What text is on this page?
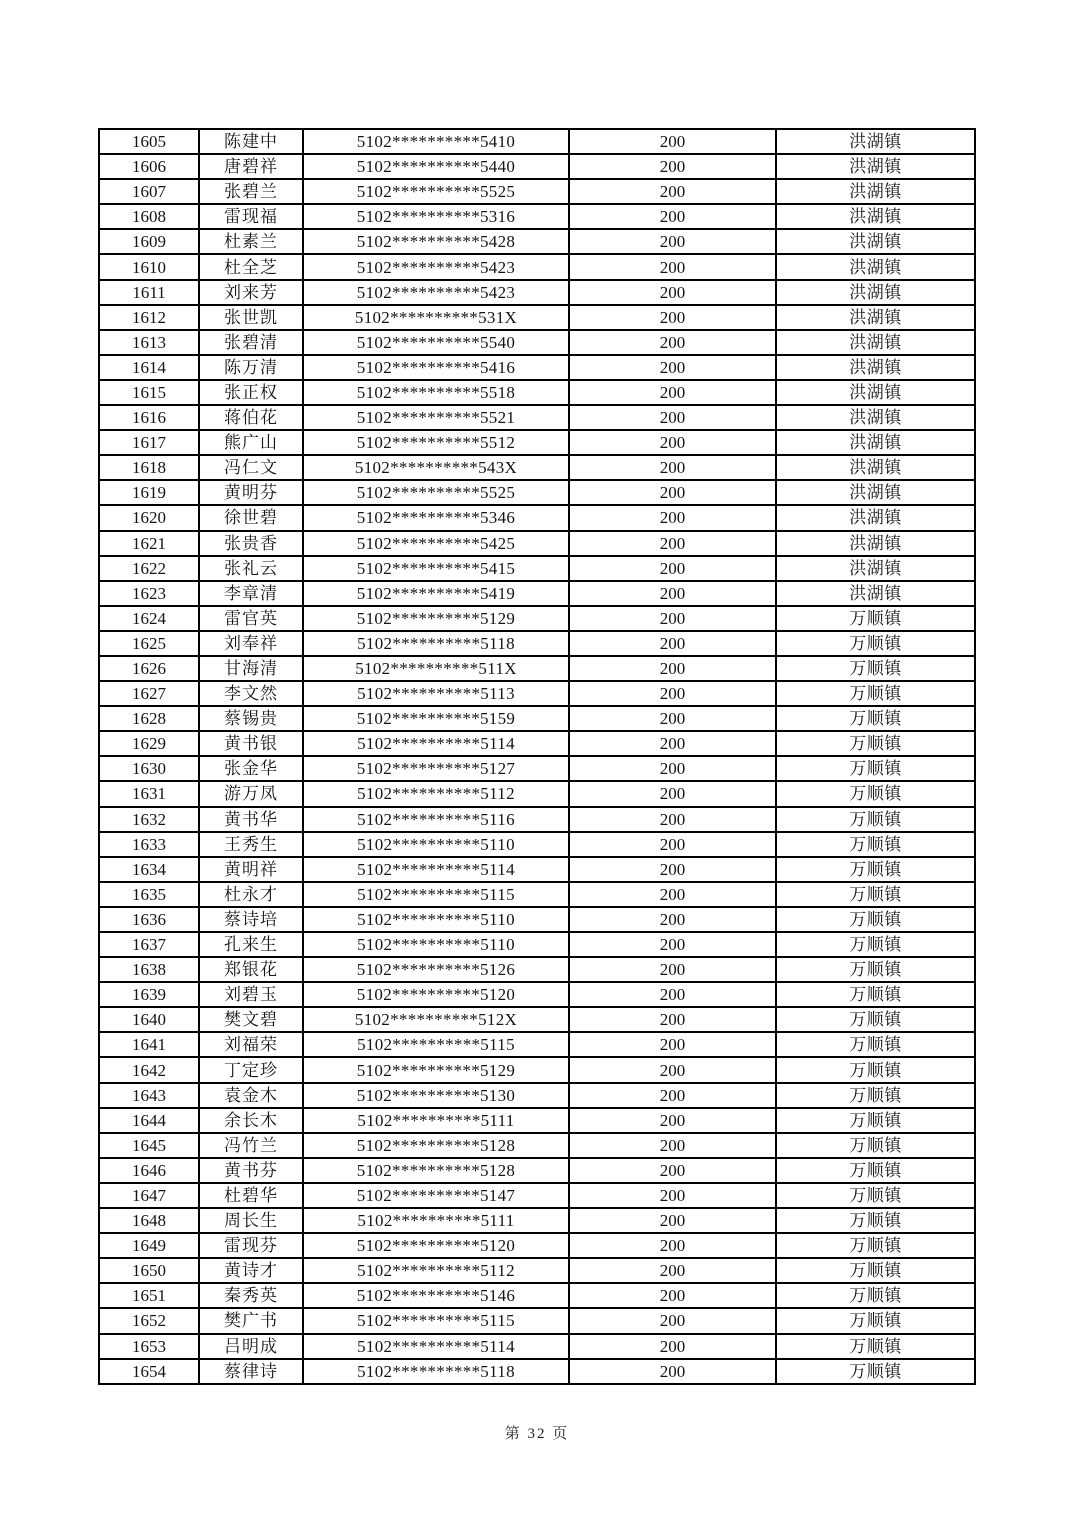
1605	陈建中	5102**********5410	200	洪湖镇
1606	唐碧祥	5102**********5440	200	洪湖镇
1607	张碧兰	5102**********5525	200	洪湖镇
1608	雷现福	5102**********5316	200	洪湖镇
1609	杜素兰	5102**********5428	200	洪湖镇
1610	杜全芝	5102**********5423	200	洪湖镇
1611	刘来芳	5102**********5423	200	洪湖镇
1612	张世凯	5102**********531X	200	洪湖镇
1613	张碧清	5102**********5540	200	洪湖镇
1614	陈万清	5102**********5416	200	洪湖镇
1615	张正权	5102**********5518	200	洪湖镇
1616	蒋伯花	5102**********5521	200	洪湖镇
1617	熊广山	5102**********5512	200	洪湖镇
1618	冯仁文	5102**********543X	200	洪湖镇
1619	黄明芬	5102**********5525	200	洪湖镇
1620	徐世碧	5102**********5346	200	洪湖镇
1621	张贵香	5102**********5425	200	洪湖镇
1622	张礼云	5102**********5415	200	洪湖镇
1623	李章清	5102**********5419	200	洪湖镇
1624	雷官英	5102**********5129	200	万顺镇
1625	刘奉祥	5102**********5118	200	万顺镇
1626	甘海清	5102**********511X	200	万顺镇
1627	李文然	5102**********5113	200	万顺镇
1628	蔡锡贵	5102**********5159	200	万顺镇
1629	黄书银	5102**********5114	200	万顺镇
1630	张金华	5102**********5127	200	万顺镇
1631	游万凤	5102**********5112	200	万顺镇
1632	黄书华	5102**********5116	200	万顺镇
1633	王秀生	5102**********5110	200	万顺镇
1634	黄明祥	5102**********5114	200	万顺镇
1635	杜永才	5102**********5115	200	万顺镇
1636	蔡诗培	5102**********5110	200	万顺镇
1637	孔来生	5102**********5110	200	万顺镇
1638	郑银花	5102**********5126	200	万顺镇
1639	刘碧玉	5102**********5120	200	万顺镇
1640	樊文碧	5102**********512X	200	万顺镇
1641	刘福荣	5102**********5115	200	万顺镇
1642	丁定珍	5102**********5129	200	万顺镇
1643	袁金木	5102**********5130	200	万顺镇
1644	余长木	5102**********5111	200	万顺镇
1645	冯竹兰	5102**********5128	200	万顺镇
1646	黄书芬	5102**********5128	200	万顺镇
1647	杜碧华	5102**********5147	200	万顺镇
1648	周长生	5102**********5111	200	万顺镇
1649	雷现芬	5102**********5120	200	万顺镇
1650	黄诗才	5102**********5112	200	万顺镇
1651	秦秀英	5102**********5146	200	万顺镇
1652	樊广书	5102**********5115	200	万顺镇
1653	吕明成	5102**********5114	200	万顺镇
1654	蔡律诗	5102**********5118	200	万顺镇
第 32 页
